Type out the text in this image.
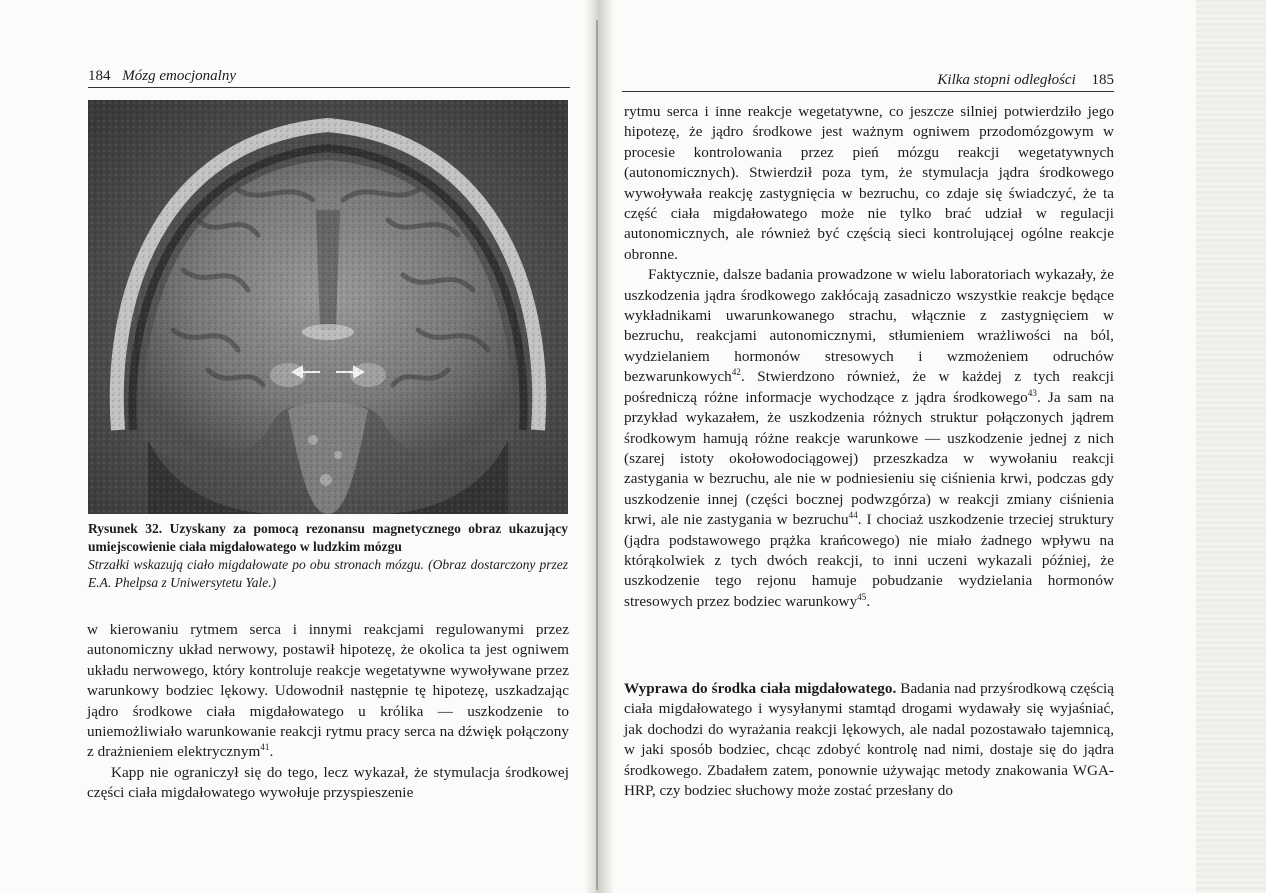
184 Mózg emocjonalny
Rysunek 32. Uzyskany za pomocą rezonansu magnetycznego obraz ukazujący umiejscowienie ciała migdałowatego w ludzkim mózgu
Strzałki wskazują ciało migdałowate po obu stronach mózgu. (Obraz dostarczony przez E.A. Phelpsa z Uniwersytetu Yale.)

w kierowaniu rytmem serca i innymi reakcjami regulowanymi przez autonomiczny układ nerwowy, postawił hipotezę, że okolica ta jest ogniwem układu nerwowego, który kontroluje reakcje wegetatywne wywoływane przez warunkowy bodziec lękowy. Udowodnił następnie tę hipotezę, uszkadzając jądro środkowe ciała migdałowatego u królika — uszkodzenie to uniemożliwiało warunkowanie reakcji rytmu pracy serca na dźwięk połączony z drażnieniem elektrycznym$^{41}$.

Kapp nie ograniczył się do tego, lecz wykazał, że stymulacja środkowej części ciała migdałowatego wywołuje przyspieszenie

Kilka stopni odległości 185

rytmu serca i inne reakcje wegetatywne, co jeszcze silniej potwierdziło jego hipotezę, że jądro środkowe jest ważnym ogniwem przodomózgowym w procesie kontrolowania przez pień mózgu reakcji wegetatywnych (autonomicznych). Stwierdził poza tym, że stymulacja jądra środkowego wywoływała reakcję zastygnięcia w bezruchu, co zdaje się świadczyć, że ta część ciała migdałowatego może nie tylko brać udział w regulacji autonomicznych, ale również być częścią sieci kontrolującej ogólne reakcje obronne.

Faktycznie, dalsze badania prowadzone w wielu laboratoriach wykazały, że uszkodzenia jądra środkowego zakłócają zasadniczo wszystkie reakcje będące wykładnikami uwarunkowanego strachu, włącznie z zastygnięciem w bezruchu, reakcjami autonomicznymi, stłumieniem wrażliwości na ból, wydzielaniem hormonów stresowych i wzmożeniem odruchów bezwarunkowych$^{42}$. Stwierdzono również, że w każdej z tych reakcji pośredniczą różne informacje wychodzące z jądra środkowego$^{43}$. Ja sam na przykład wykazałem, że uszkodzenia różnych struktur połączonych jądrem środkowym hamują różne reakcje warunkowe — uszkodzenie jednej z nich (szarej istoty okołowodociągowej) przeszkadza w wywołaniu reakcji zastygania w bezruchu, ale nie w podniesieniu się ciśnienia krwi, podczas gdy uszkodzenie innej (części bocznej podwzgórza) w reakcji zmiany ciśnienia krwi, ale nie zastygania w bezruchu$^{44}$. I chociaż uszkodzenie trzeciej struktury (jądra podstawowego prążka krańcowego) nie miało żadnego wpływu na którąkolwiek z tych dwóch reakcji, to inni uczeni wykazali później, że uszkodzenie tego rejonu hamuje pobudzanie wydzielania hormonów stresowych przez bodziec warunkowy$^{45}$.

Wyprawa do środka ciała migdałowatego. Badania nad przyśrodkową częścią ciała migdałowatego i wysyłanymi stamtąd drogami wydawały się wyjaśniać, jak dochodzi do wyrażania reakcji lękowych, ale nadal pozostawało tajemnicą, w jaki sposób bodziec, chcąc zdobyć kontrolę nad nimi, dostaje się do jądra środkowego. Zbadałem zatem, ponownie używając metody znakowania WGA-HRP, czy bodziec słuchowy może zostać przesłany do
